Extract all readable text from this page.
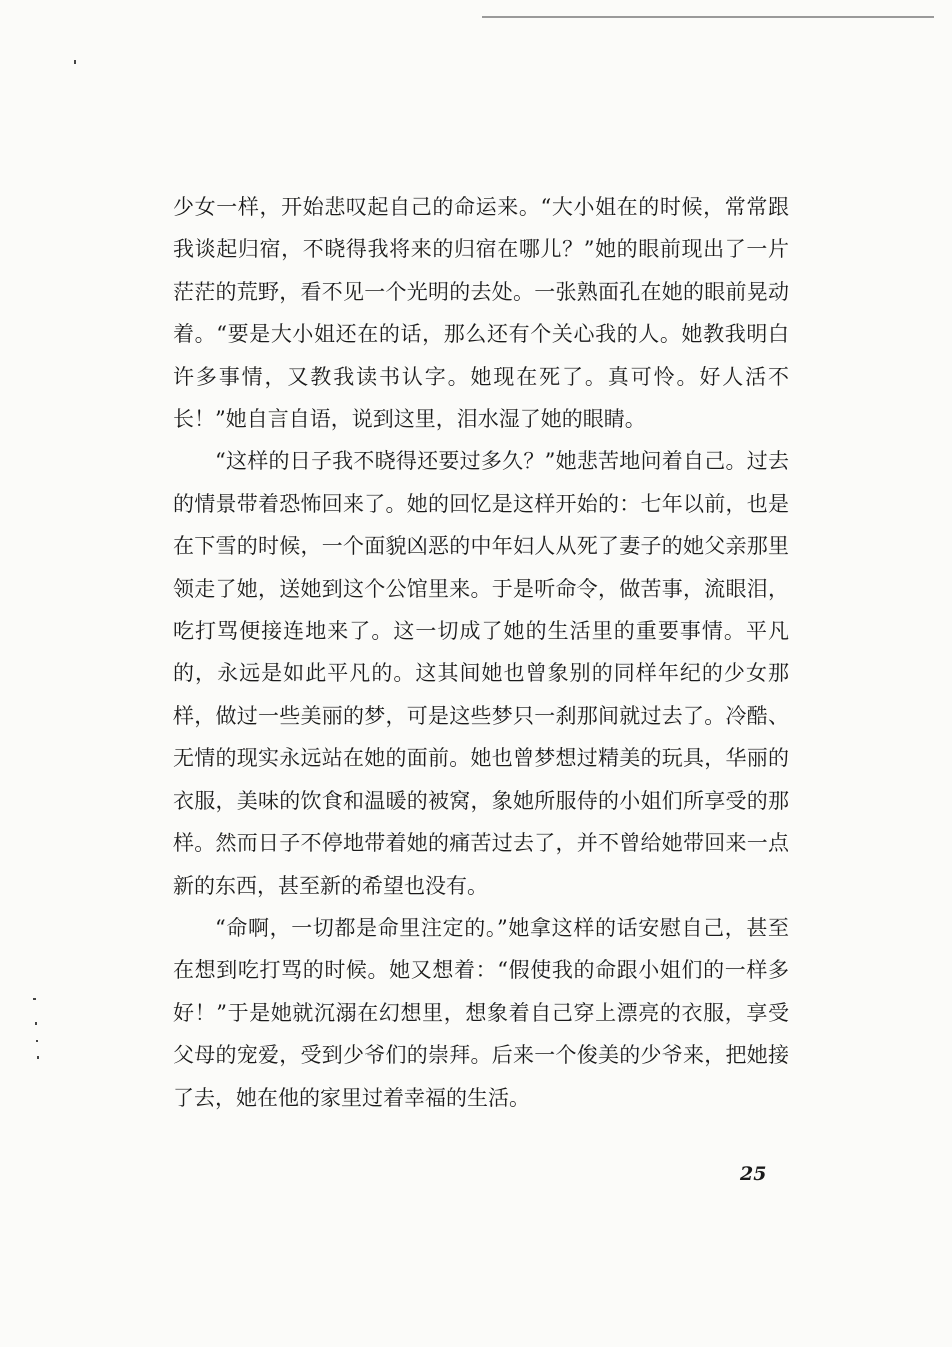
少女一样，开始悲叹起自己的命运来。“大小姐在的时候，常常跟我谈起归宿，不晓得我将来的归宿在哪儿？”她的眼前现出了一片茫茫的荒野，看不见一个光明的去处。一张熟面孔在她的眼前晃动着。“要是大小姐还在的话，那么还有个关心我的人。她教我明白许多事情，又教我读书认字。她现在死了。真可怜。好人活不长！”她自言自语，说到这里，泪水湿了她的眼睛。

“这样的日子我不晓得还要过多久？”她悲苦地问着自己。过去的情景带着恐怖回来了。她的回忆是这样开始的：七年以前，也是在下雪的时候，一个面貌凶恶的中年妇人从死了妻子的她父亲那里领走了她，送她到这个公馆里来。于是听命令，做苦事，流眼泪，吃打骂便接连地来了。这一切成了她的生活里的重要事情。平凡的，永远是如此平凡的。这其间她也曾象别的同样年纪的少女那样，做过一些美丽的梦，可是这些梦只一刹那间就过去了。冷酷、无情的现实永远站在她的面前。她也曾梦想过精美的玩具，华丽的衣服，美味的饮食和温暖的被窝，象她所服侍的小姐们所享受的那样。然而日子不停地带着她的痛苦过去了，并不曾给她带回来一点新的东西，甚至新的希望也没有。

“命啊，一切都是命里注定的。”她拿这样的话安慰自己，甚至在想到吃打骂的时候。她又想着：“假使我的命跟小姐们的一样多好！”于是她就沉溺在幻想里，想象着自己穿上漂亮的衣服，享受父母的宠爱，受到少爷们的崇拜。后来一个俊美的少爷来，把她接了去，她在他的家里过着幸福的生活。

25
